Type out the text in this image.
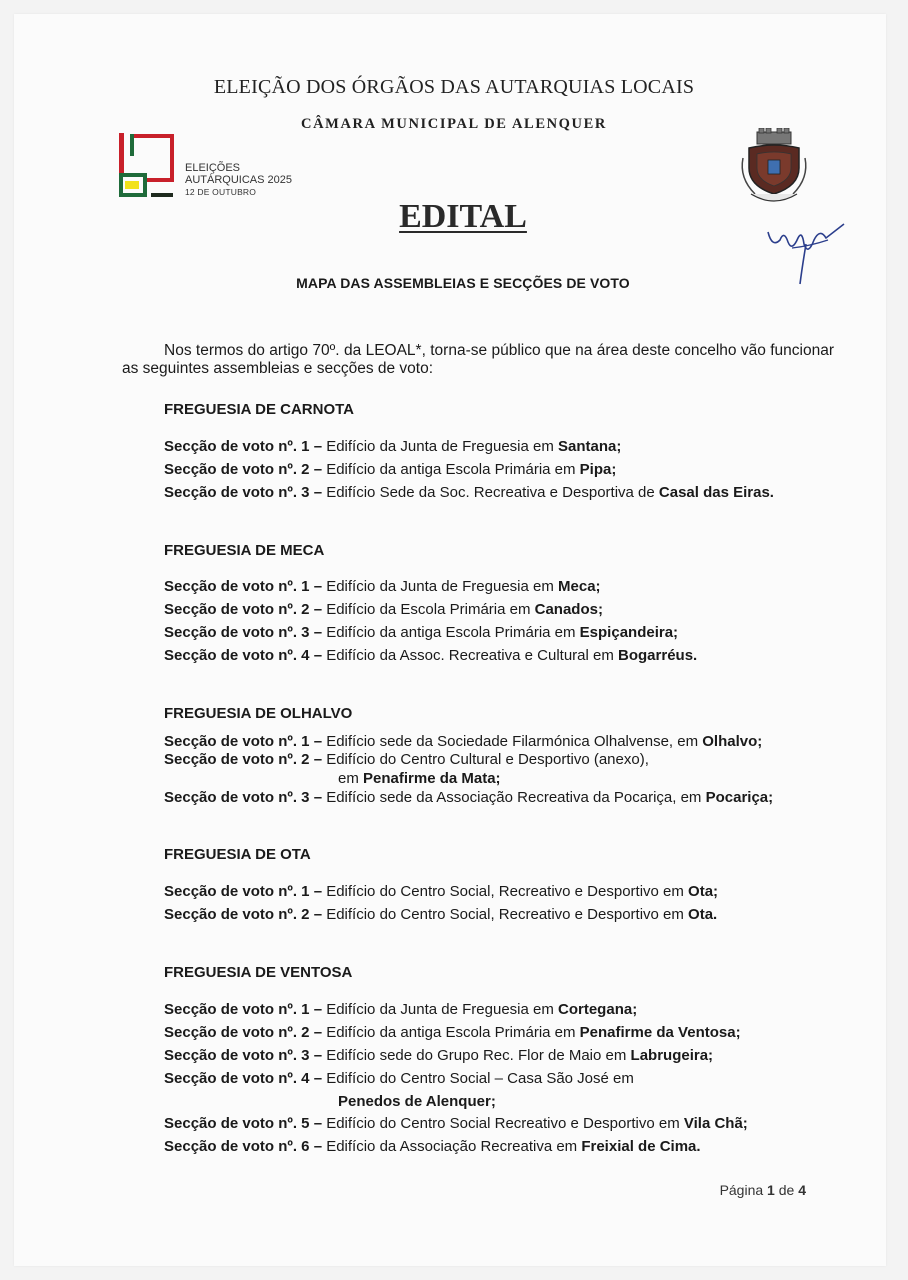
ELEIÇÃO DOS ÓRGÃOS DAS AUTARQUIAS LOCAIS
CÂMARA MUNICIPAL DE ALENQUER
ELEIÇÕES
AUTÁRQUICAS 2025
12 DE OUTUBRO
EDITAL
MAPA DAS ASSEMBLEIAS E SECÇÕES DE VOTO
Nos termos do artigo 70º. da LEOAL*, torna-se público que na área deste concelho vão funcionar as seguintes assembleias e secções de voto:
FREGUESIA DE CARNOTA
Secção de voto nº. 1 – Edifício da Junta de Freguesia em Santana;
Secção de voto nº. 2 – Edifício da antiga Escola Primária em Pipa;
Secção de voto nº. 3 – Edifício Sede da Soc. Recreativa e Desportiva de Casal das Eiras.
FREGUESIA DE MECA
Secção de voto nº. 1 – Edifício da Junta de Freguesia em Meca;
Secção de voto nº. 2 – Edifício da Escola Primária em Canados;
Secção de voto nº. 3 – Edifício da antiga Escola Primária em Espiçandeira;
Secção de voto nº. 4 – Edifício da Assoc. Recreativa e Cultural em Bogarréus.
FREGUESIA DE OLHALVO
Secção de voto nº. 1 – Edifício sede da Sociedade Filarmónica Olhalvense, em Olhalvo;
Secção de voto nº. 2 – Edifício do Centro Cultural e Desportivo (anexo),
em Penafirme da Mata;
Secção de voto nº. 3 – Edifício sede da Associação Recreativa da Pocariça, em Pocariça;
FREGUESIA DE OTA
Secção de voto nº. 1 – Edifício do Centro Social, Recreativo e Desportivo em Ota;
Secção de voto nº. 2 – Edifício do Centro Social, Recreativo e Desportivo em Ota.
FREGUESIA DE VENTOSA
Secção de voto nº. 1 – Edifício da Junta de Freguesia em Cortegana;
Secção de voto nº. 2 – Edifício da antiga Escola Primária em Penafirme da Ventosa;
Secção de voto nº. 3 – Edifício sede do Grupo Rec. Flor de Maio em Labrugeira;
Secção de voto nº. 4 – Edifício do Centro Social – Casa São José em
Penedos de Alenquer;
Secção de voto nº. 5 – Edifício do Centro Social Recreativo e Desportivo em Vila Chã;
Secção de voto nº. 6 – Edifício da Associação Recreativa em Freixial de Cima.
Página 1 de 4
